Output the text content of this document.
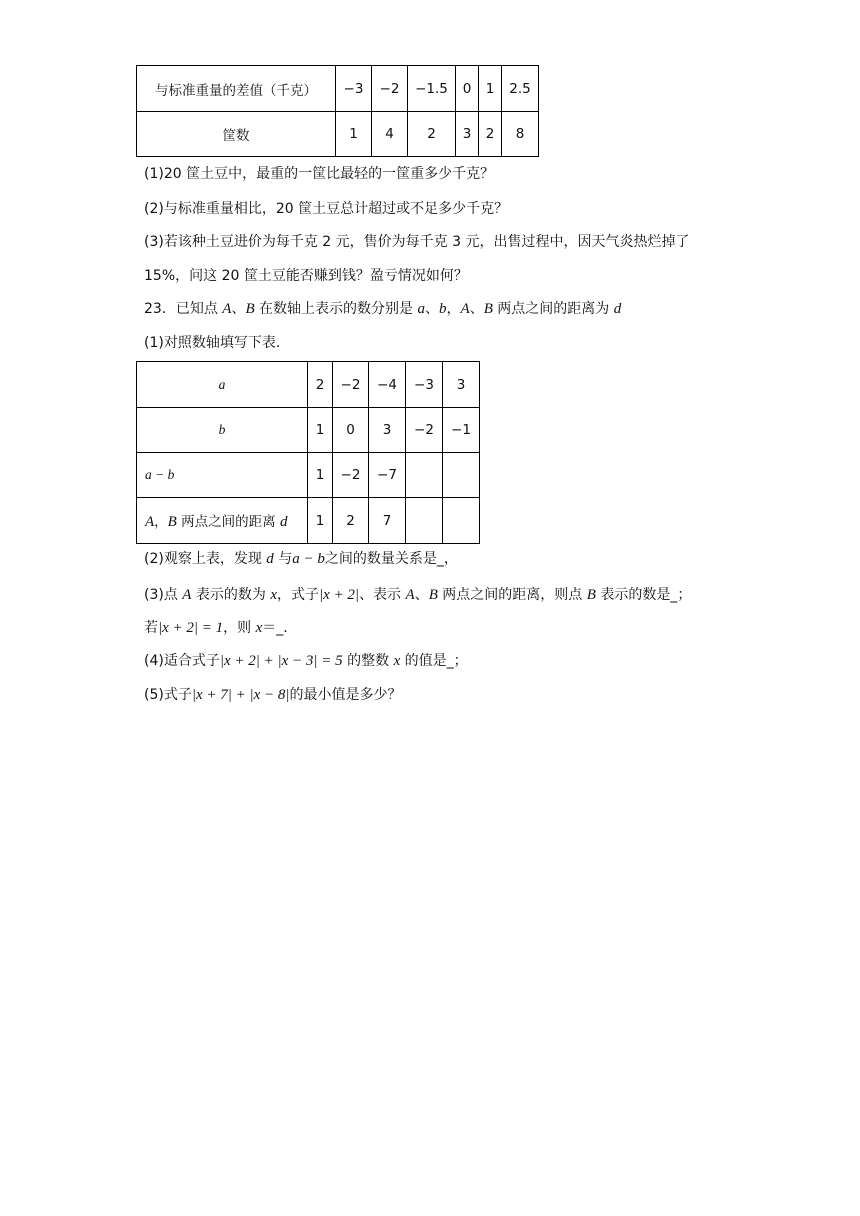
与标准重量的差值（千克）	−3	−2	−1.5	0	1	2.5
筐数	1	4	2	3	2	8
(1)20 筐土豆中，最重的一筐比最轻的一筐重多少千克？
(2)与标准重量相比，20 筐土豆总计超过或不足多少千克？
(3)若该种土豆进价为每千克 2 元，售价为每千克 3 元，出售过程中，因天气炎热烂掉了
15%，问这 20 筐土豆能否赚到钱？盈亏情况如何？
23．已知点 A、B 在数轴上表示的数分别是 a、b，A、B 两点之间的距离为 d
(1)对照数轴填写下表.
a	2	−2	−4	−3	3
b	1	0	3	−2	−1
a − b	1	−2	−7		
A，B 两点之间的距离 d	1	2	7		
(2)观察上表，发现 d 与a − b之间的数量关系是_，
(3)点 A 表示的数为 x，式子|x + 2|、表示 A、B 两点之间的距离，则点 B 表示的数是_；
若|x + 2| = 1，则 x＝_.
(4)适合式子|x + 2| + |x − 3| = 5 的整数 x 的值是_；
(5)式子|x + 7| + |x − 8|的最小值是多少？
